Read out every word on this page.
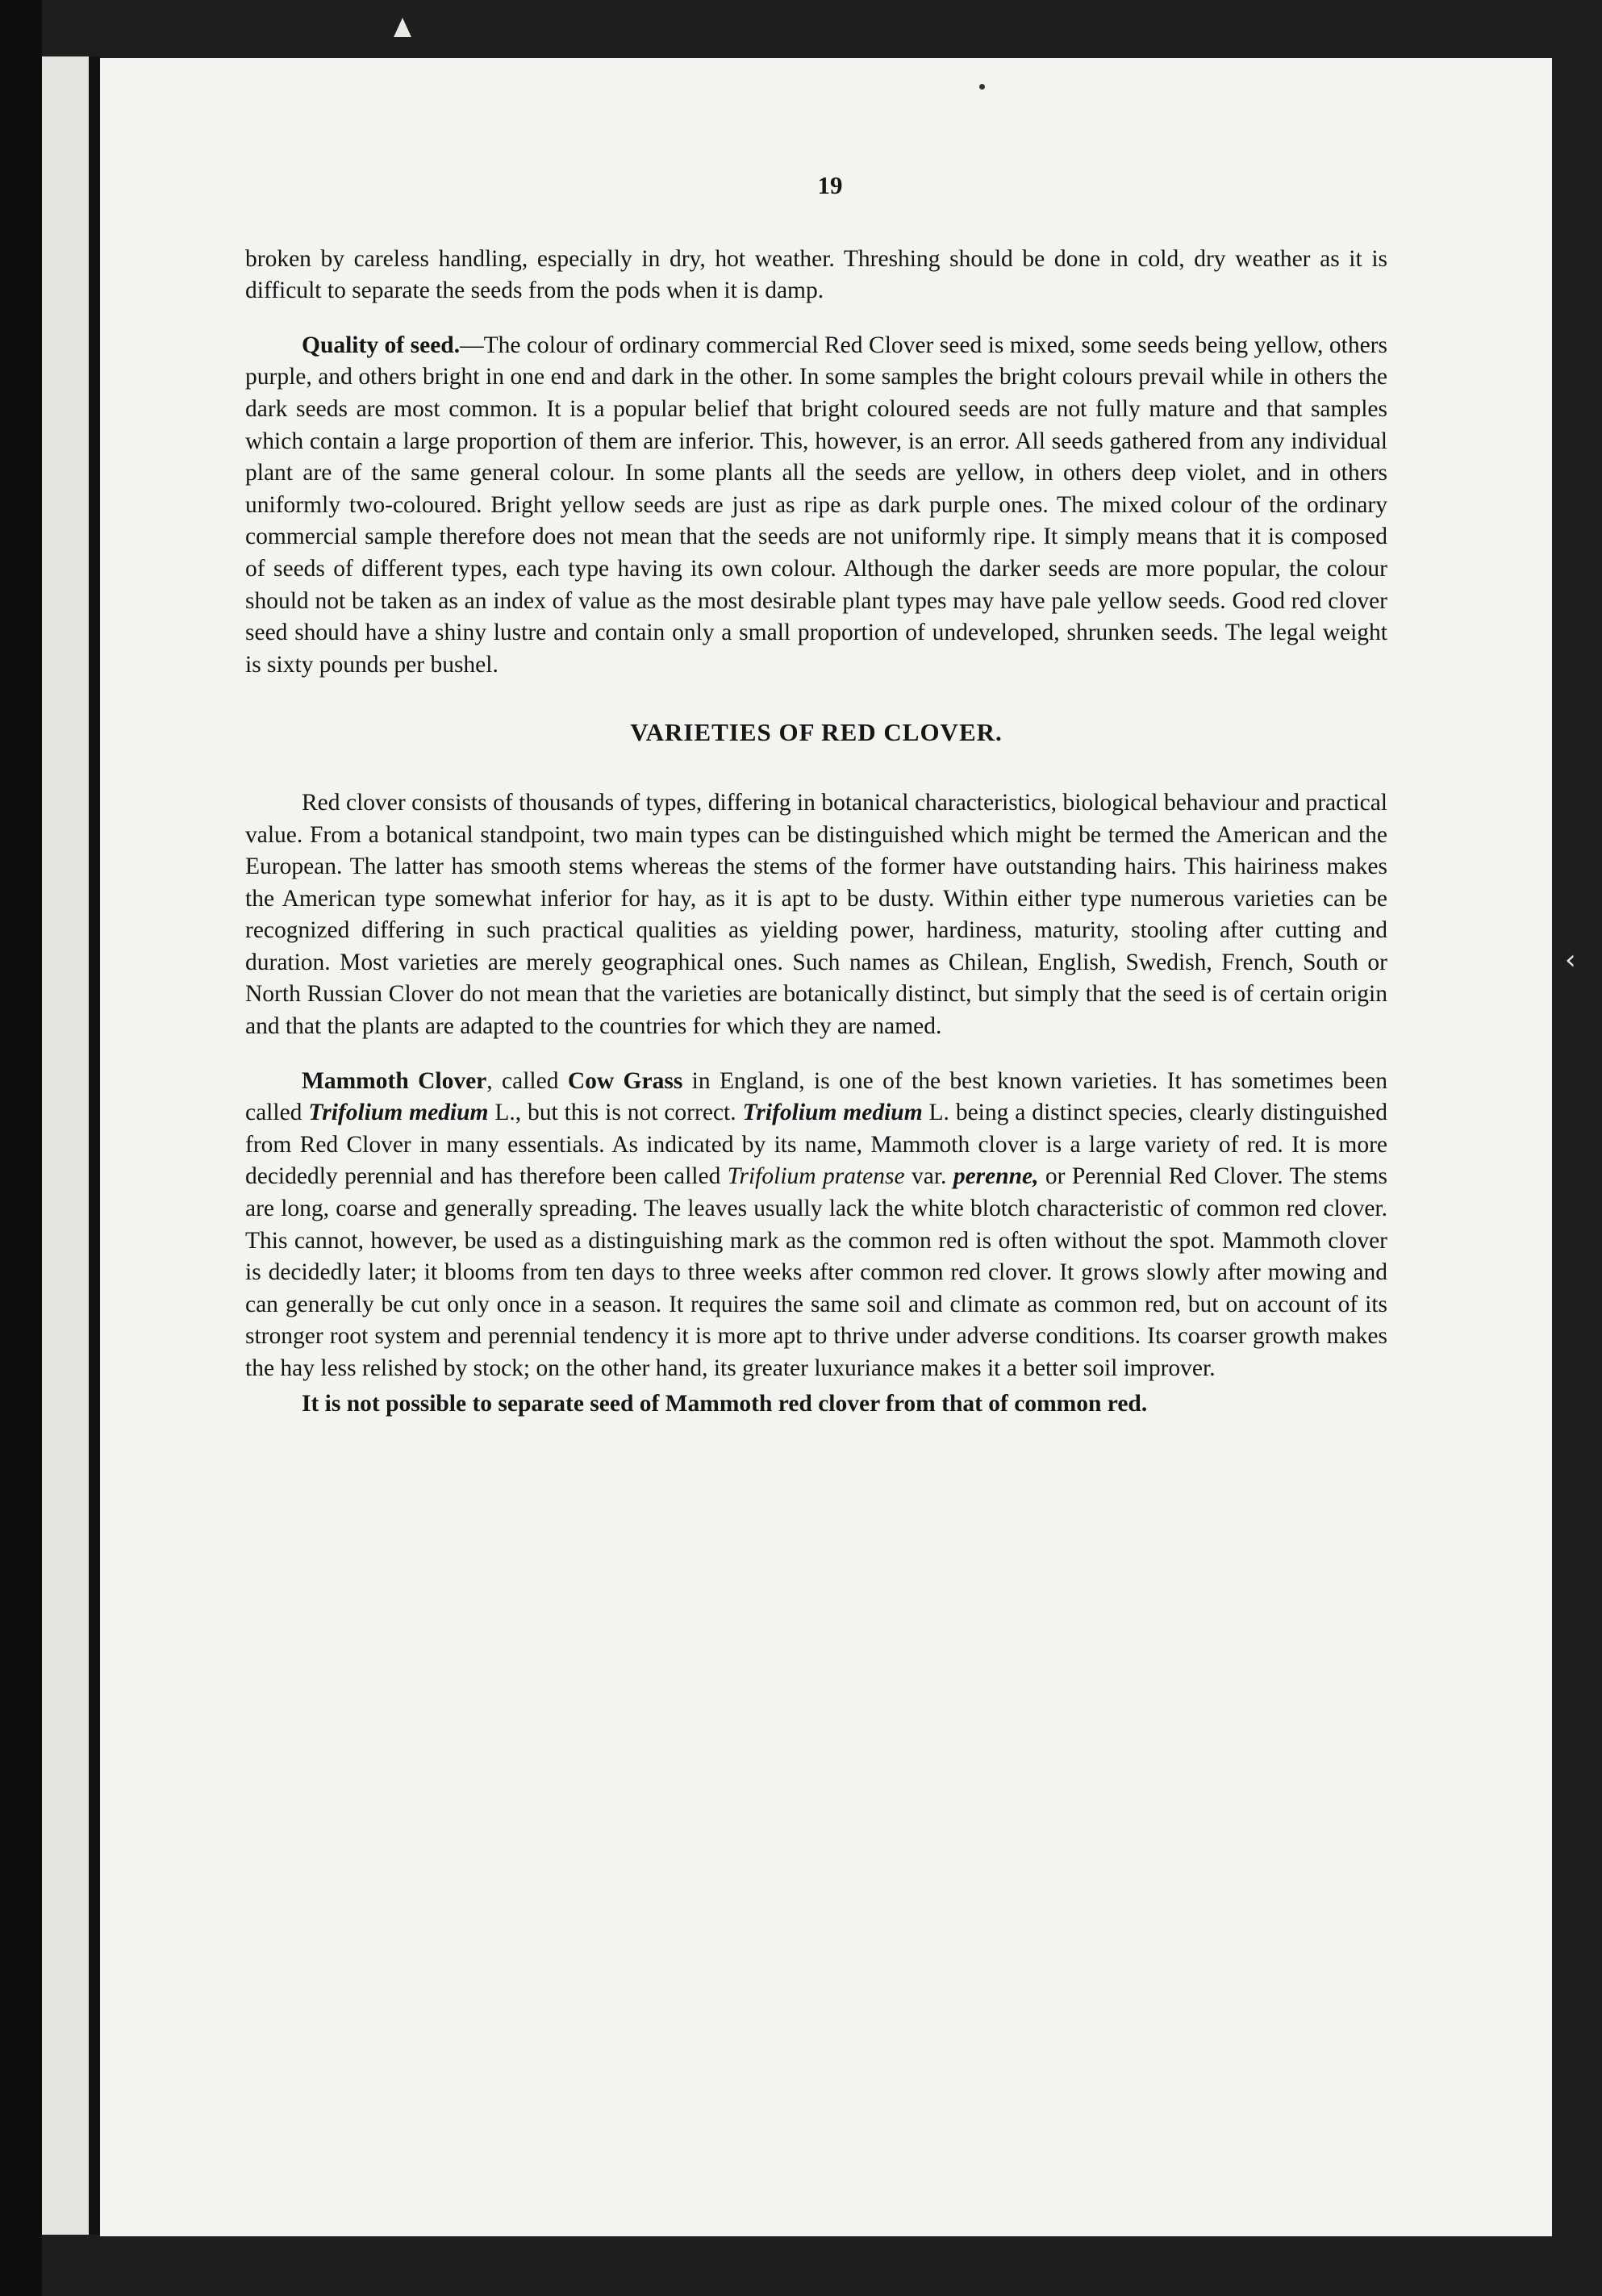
‹
19

broken by careless handling, especially in dry, hot weather. Threshing should be done in cold, dry weather as it is difficult to separate the seeds from the pods when it is damp.

Quality of seed.—The colour of ordinary commercial Red Clover seed is mixed, some seeds being yellow, others purple, and others bright in one end and dark in the other. In some samples the bright colours prevail while in others the dark seeds are most common. It is a popular belief that bright coloured seeds are not fully mature and that samples which contain a large proportion of them are inferior. This, however, is an error. All seeds gathered from any individual plant are of the same general colour. In some plants all the seeds are yellow, in others deep violet, and in others uniformly two-coloured. Bright yellow seeds are just as ripe as dark purple ones. The mixed colour of the ordinary commercial sample therefore does not mean that the seeds are not uniformly ripe. It simply means that it is composed of seeds of different types, each type having its own colour. Although the darker seeds are more popular, the colour should not be taken as an index of value as the most desirable plant types may have pale yellow seeds. Good red clover seed should have a shiny lustre and contain only a small proportion of undeveloped, shrunken seeds. The legal weight is sixty pounds per bushel.

VARIETIES OF RED CLOVER.

Red clover consists of thousands of types, differing in botanical characteristics, biological behaviour and practical value. From a botanical standpoint, two main types can be distinguished which might be termed the American and the European. The latter has smooth stems whereas the stems of the former have outstanding hairs. This hairiness makes the American type somewhat inferior for hay, as it is apt to be dusty. Within either type numerous varieties can be recognized differing in such practical qualities as yielding power, hardiness, maturity, stooling after cutting and duration. Most varieties are merely geographical ones. Such names as Chilean, English, Swedish, French, South or North Russian Clover do not mean that the varieties are botanically distinct, but simply that the seed is of certain origin and that the plants are adapted to the countries for which they are named.

Mammoth Clover, called Cow Grass in England, is one of the best known varieties. It has sometimes been called Trifolium medium L., but this is not correct. Trifolium medium L. being a distinct species, clearly distinguished from Red Clover in many essentials. As indicated by its name, Mammoth clover is a large variety of red. It is more decidedly perennial and has therefore been called Trifolium pratense var. perenne, or Perennial Red Clover. The stems are long, coarse and generally spreading. The leaves usually lack the white blotch characteristic of common red clover. This cannot, however, be used as a distinguishing mark as the common red is often without the spot. Mammoth clover is decidedly later; it blooms from ten days to three weeks after common red clover. It grows slowly after mowing and can generally be cut only once in a season. It requires the same soil and climate as common red, but on account of its stronger root system and perennial tendency it is more apt to thrive under adverse conditions. Its coarser growth makes the hay less relished by stock; on the other hand, its greater luxuriance makes it a better soil improver.

It is not possible to separate seed of Mammoth red clover from that of common red.
